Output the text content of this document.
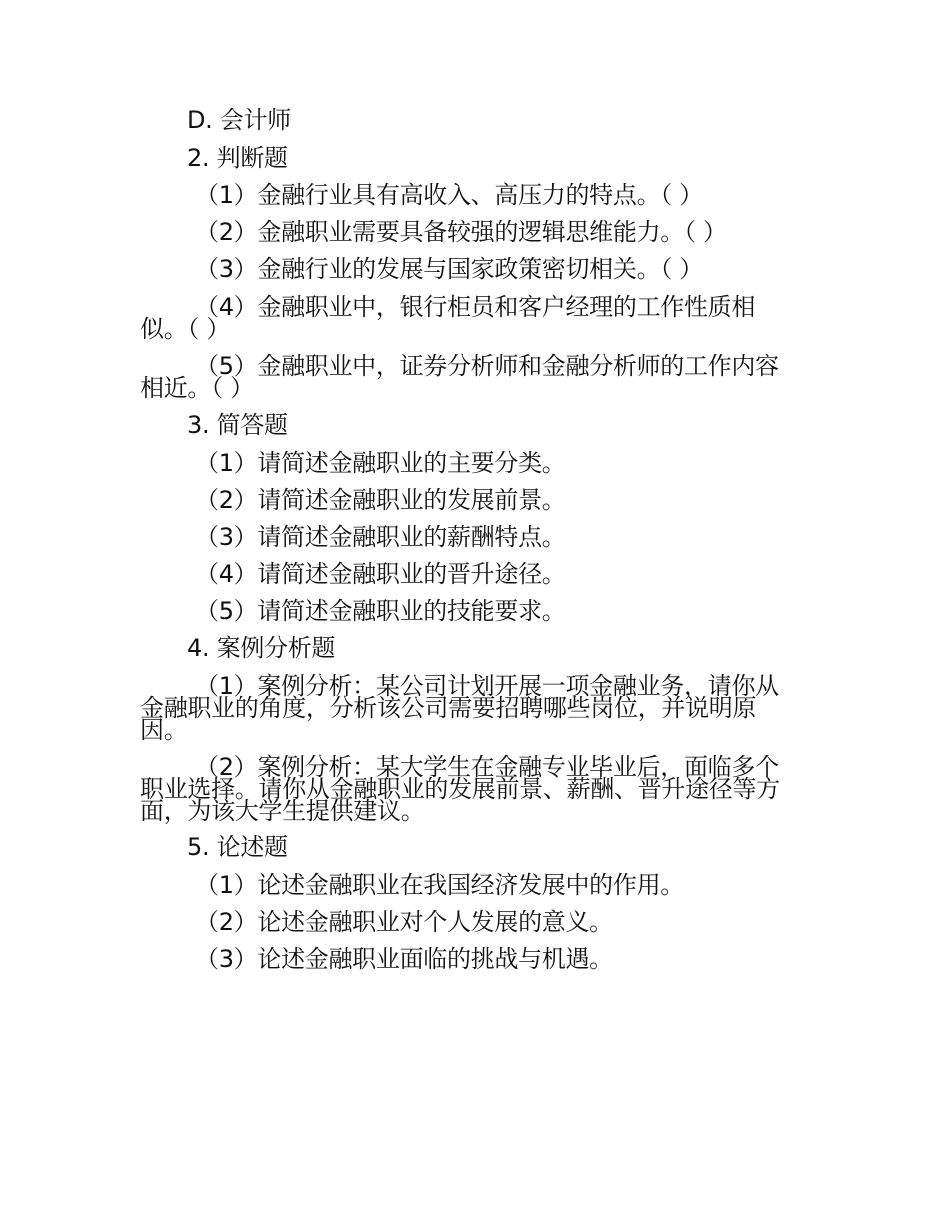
D. 会计师
2. 判断题
（1）金融行业具有高收入、高压力的特点。（ ）
（2）金融职业需要具备较强的逻辑思维能力。（ ）
（3）金融行业的发展与国家政策密切相关。（ ）
（4）金融职业中，银行柜员和客户经理的工作性质相
似。（ ）
（5）金融职业中，证券分析师和金融分析师的工作内容
相近。（ ）
3. 简答题
（1）请简述金融职业的主要分类。
（2）请简述金融职业的发展前景。
（3）请简述金融职业的薪酬特点。
（4）请简述金融职业的晋升途径。
（5）请简述金融职业的技能要求。
4. 案例分析题
（1）案例分析：某公司计划开展一项金融业务，请你从
金融职业的角度，分析该公司需要招聘哪些岗位，并说明原
因。
（2）案例分析：某大学生在金融专业毕业后，面临多个
职业选择。请你从金融职业的发展前景、薪酬、晋升途径等方
面，为该大学生提供建议。
5. 论述题
（1）论述金融职业在我国经济发展中的作用。
（2）论述金融职业对个人发展的意义。
（3）论述金融职业面临的挑战与机遇。
